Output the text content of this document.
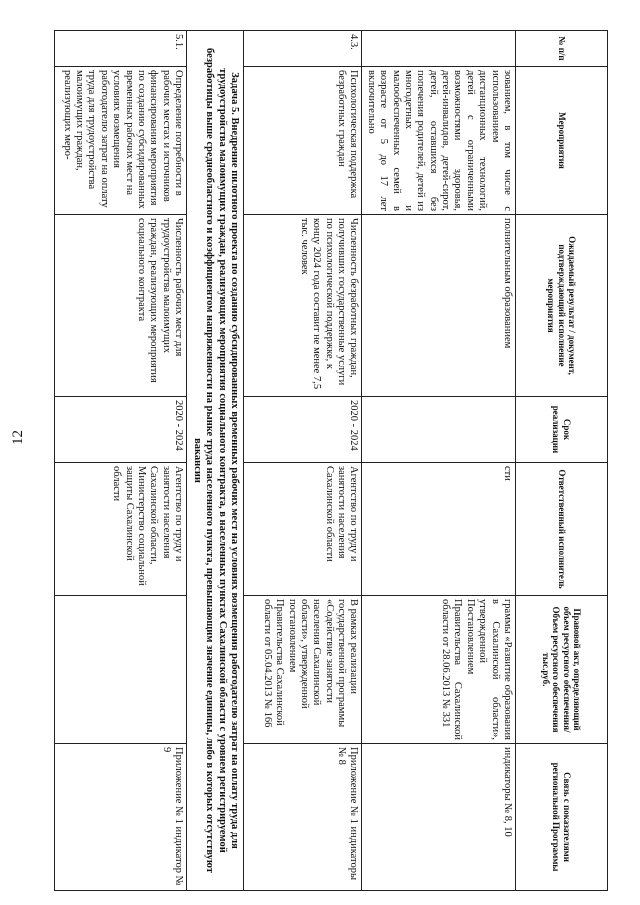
12
№ п/п	Мероприятия	Ожидаемый результат / документ, подтверждающий исполнение мероприятия	Срок реализации	Ответственный исполнитель	Правовой акт, определяющий объем ресурсного обеспечения/Объем ресурсного обеспечения тыс.руб.	Связь с показателями региональной Программы
	зованием, в том числе с использованием дистанционных технологий, детей с ограниченными возможностями здоровья, детей-инвалидов, детей-сирот, детей, оставшихся без попечения родителей, детей из многодетных и малообеспеченных семей в возрасте от 5 до 17 лет включительно	полнительным образованием		сти	граммы «Развитие образования в Сахалинской области», утвержденной Постановлением Правительства Сахалинской области от 28.06.2013 № 331	индикаторы № 8, 10
4.3.	Психологическая поддержка безработных граждан	Численность безработных граждан, получивших государственные услуги по психологической поддержке, к концу 2024 года составит не менее 7,5 тыс. человек	2020 - 2024	Агентство по труду и занятости населения Сахалинской области	В рамках реализации государственной программы «Содействие занятости населения Сахалинской области», утвержденной постановлением Правительства Сахалинской области от 05.04.2013 № 166	Приложение № 1 индикаторы № 8
Задача 5. Внедрение пилотного проекта по созданию субсидированных временных рабочих мест на условиях возмещения работодателю затрат на оплату труда для трудоустройства малоимущих граждан, реализующих мероприятия социального контракта, в населенных пунктах Сахалинской области с уровнем регистрируемой безработицы выше среднеобластного и коэффициентом напряженности на рынке труда населенного пункта, превышающим значение единицы, либо в которых отсутствуют вакансии						
5.1.	Определение потребности в рабочих местах и источников финансирования мероприятия по созданию субсидированных временных рабочих мест на условиях возмещения работодателю затрат на оплату труда для трудоустройства малоимущих граждан, реализующих меро-	Численность рабочих мест для трудоустройства малоимущих граждан, реализующих мероприятия социального контракта	2020 - 2024	Агентство по труду и занятости населения Сахалинской области, Министерство социальной защиты Сахалинской области		Приложение № 1 индикатор № 9
